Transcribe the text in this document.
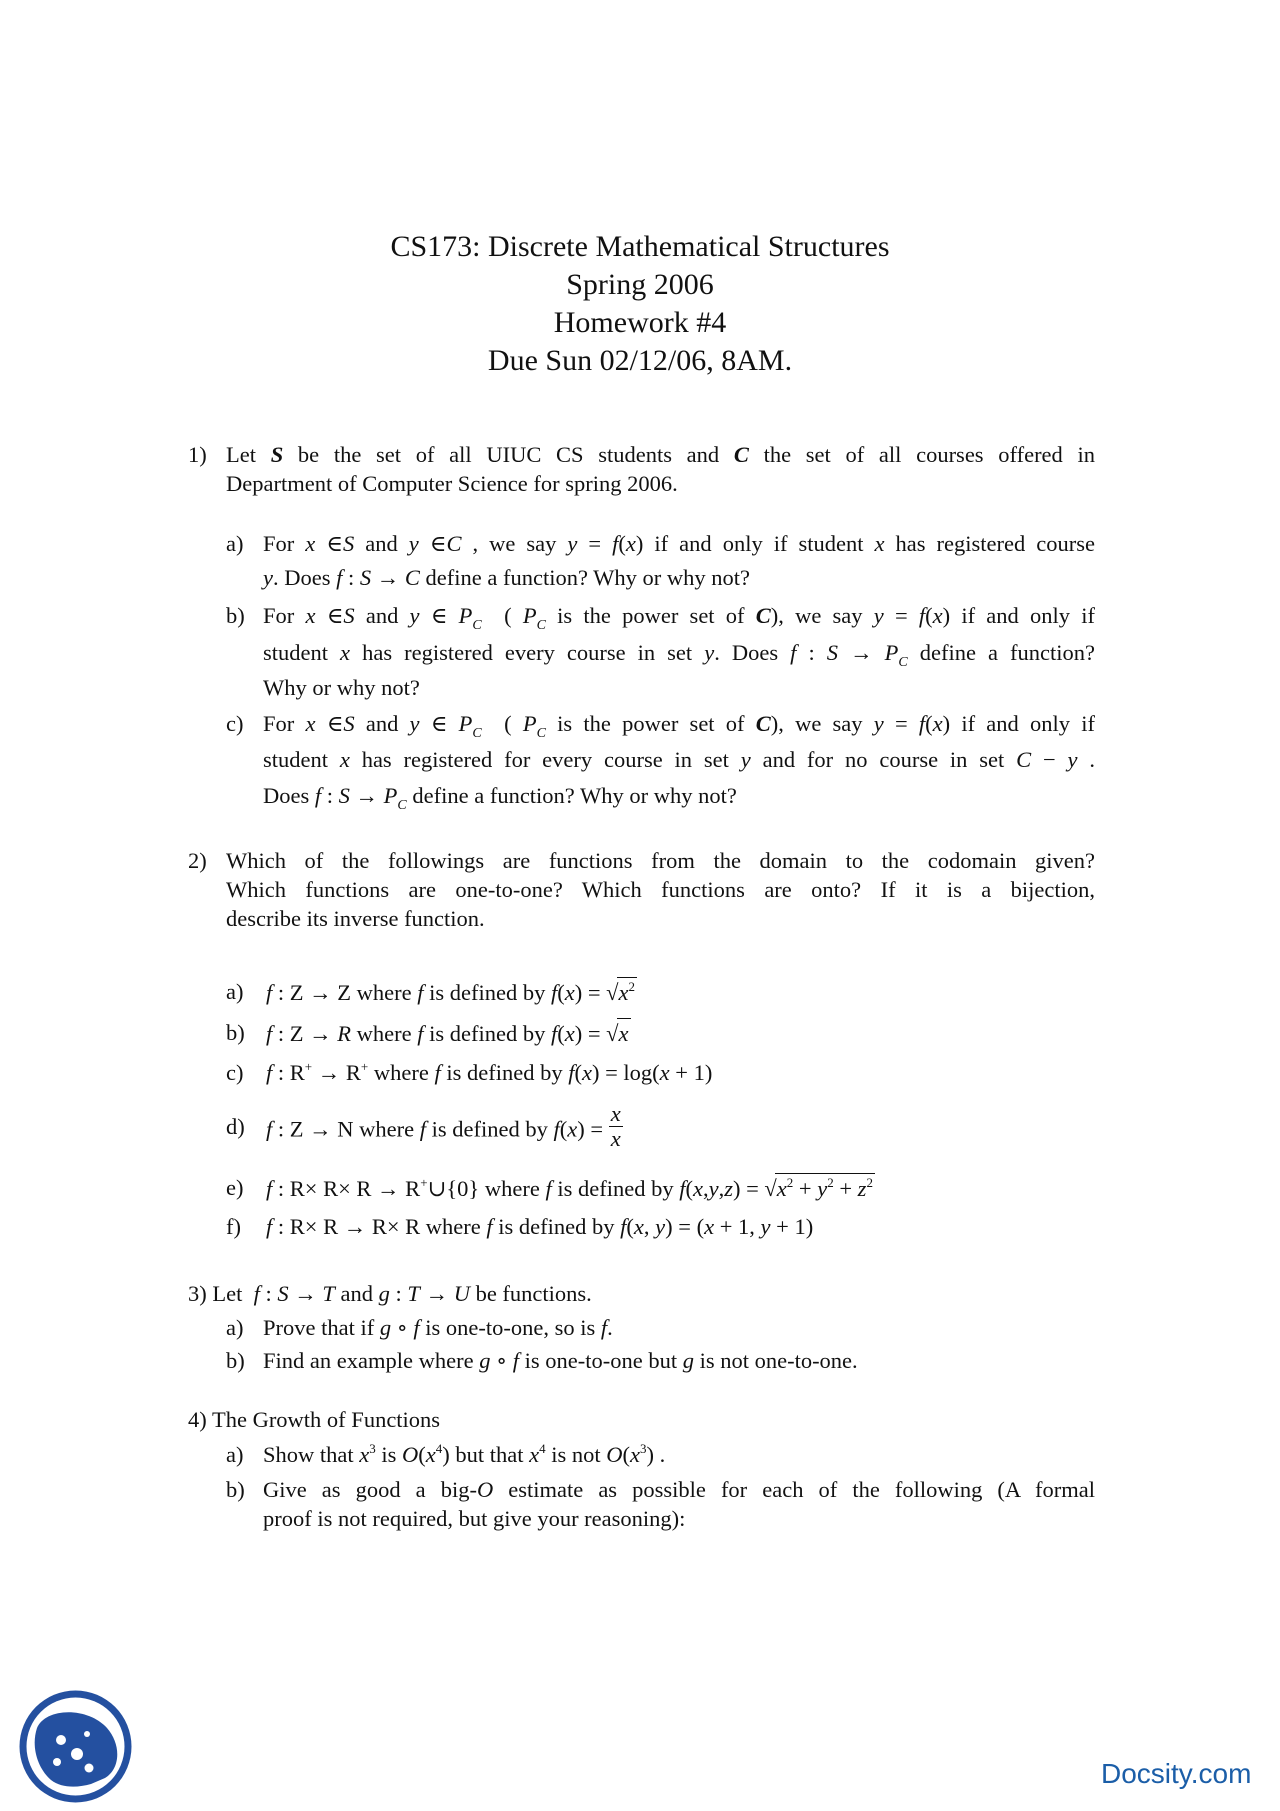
CS173: Discrete Mathematical Structures
Spring 2006
Homework #4
Due Sun 02/12/06, 8AM.
1) Let S be the set of all UIUC CS students and C the set of all courses offered in
Department of Computer Science for spring 2006.
a) For x ∈S and y ∈C , we say y = f(x) if and only if student x has registered course
y. Does f : S → C define a function? Why or why not?
b) For x ∈S and y ∈ $P_C$  ( $P_C$ is the power set of C), we say y = f(x) if and only if
student x has registered every course in set y. Does f : $S \to P_C$ define a function?
Why or why not?
c) For x ∈S and y ∈ $P_C$  ( $P_C$ is the power set of C), we say y = f(x) if and only if
student x has registered for every course in set y and for no course in set C − y .
Does f : $S \to P_C$ define a function? Why or why not?
2) Which of the followings are functions from the domain to the codomain given?
Which functions are one-to-one? Which functions are onto? If it is a bijection,
describe its inverse function.
a) f : Z → Z where f is defined by $f(x) = √x^2$
b) f : Z → R where f is defined by f(x) = √x
c) f : R+ → R+ where f is defined by f(x) = log(x + 1)
d) f : Z → N where f is defined by $f(x) = \frac{x}{x}$
e) f : R× R× R → R+∪{0} where f is defined by $f(x,y,z) = √x^2 + y^2 + z^2$
f) f : R× R → R× R where f is defined by f(x, y) = (x + 1, y + 1)
3) Let f : S → T and g : T → U be functions.
a) Prove that if g ∘ f is one-to-one, so is f.
b) Find an example where g ∘ f is one-to-one but g is not one-to-one.
4) The Growth of Functions
a) Show that $x^3$ is $O(x^4)$ but that $x^4$ is not $O(x^3)$ .
b) Give as good a big-O estimate as possible for each of the following (A formal
proof is not required, but give your reasoning):
Docsity.com
